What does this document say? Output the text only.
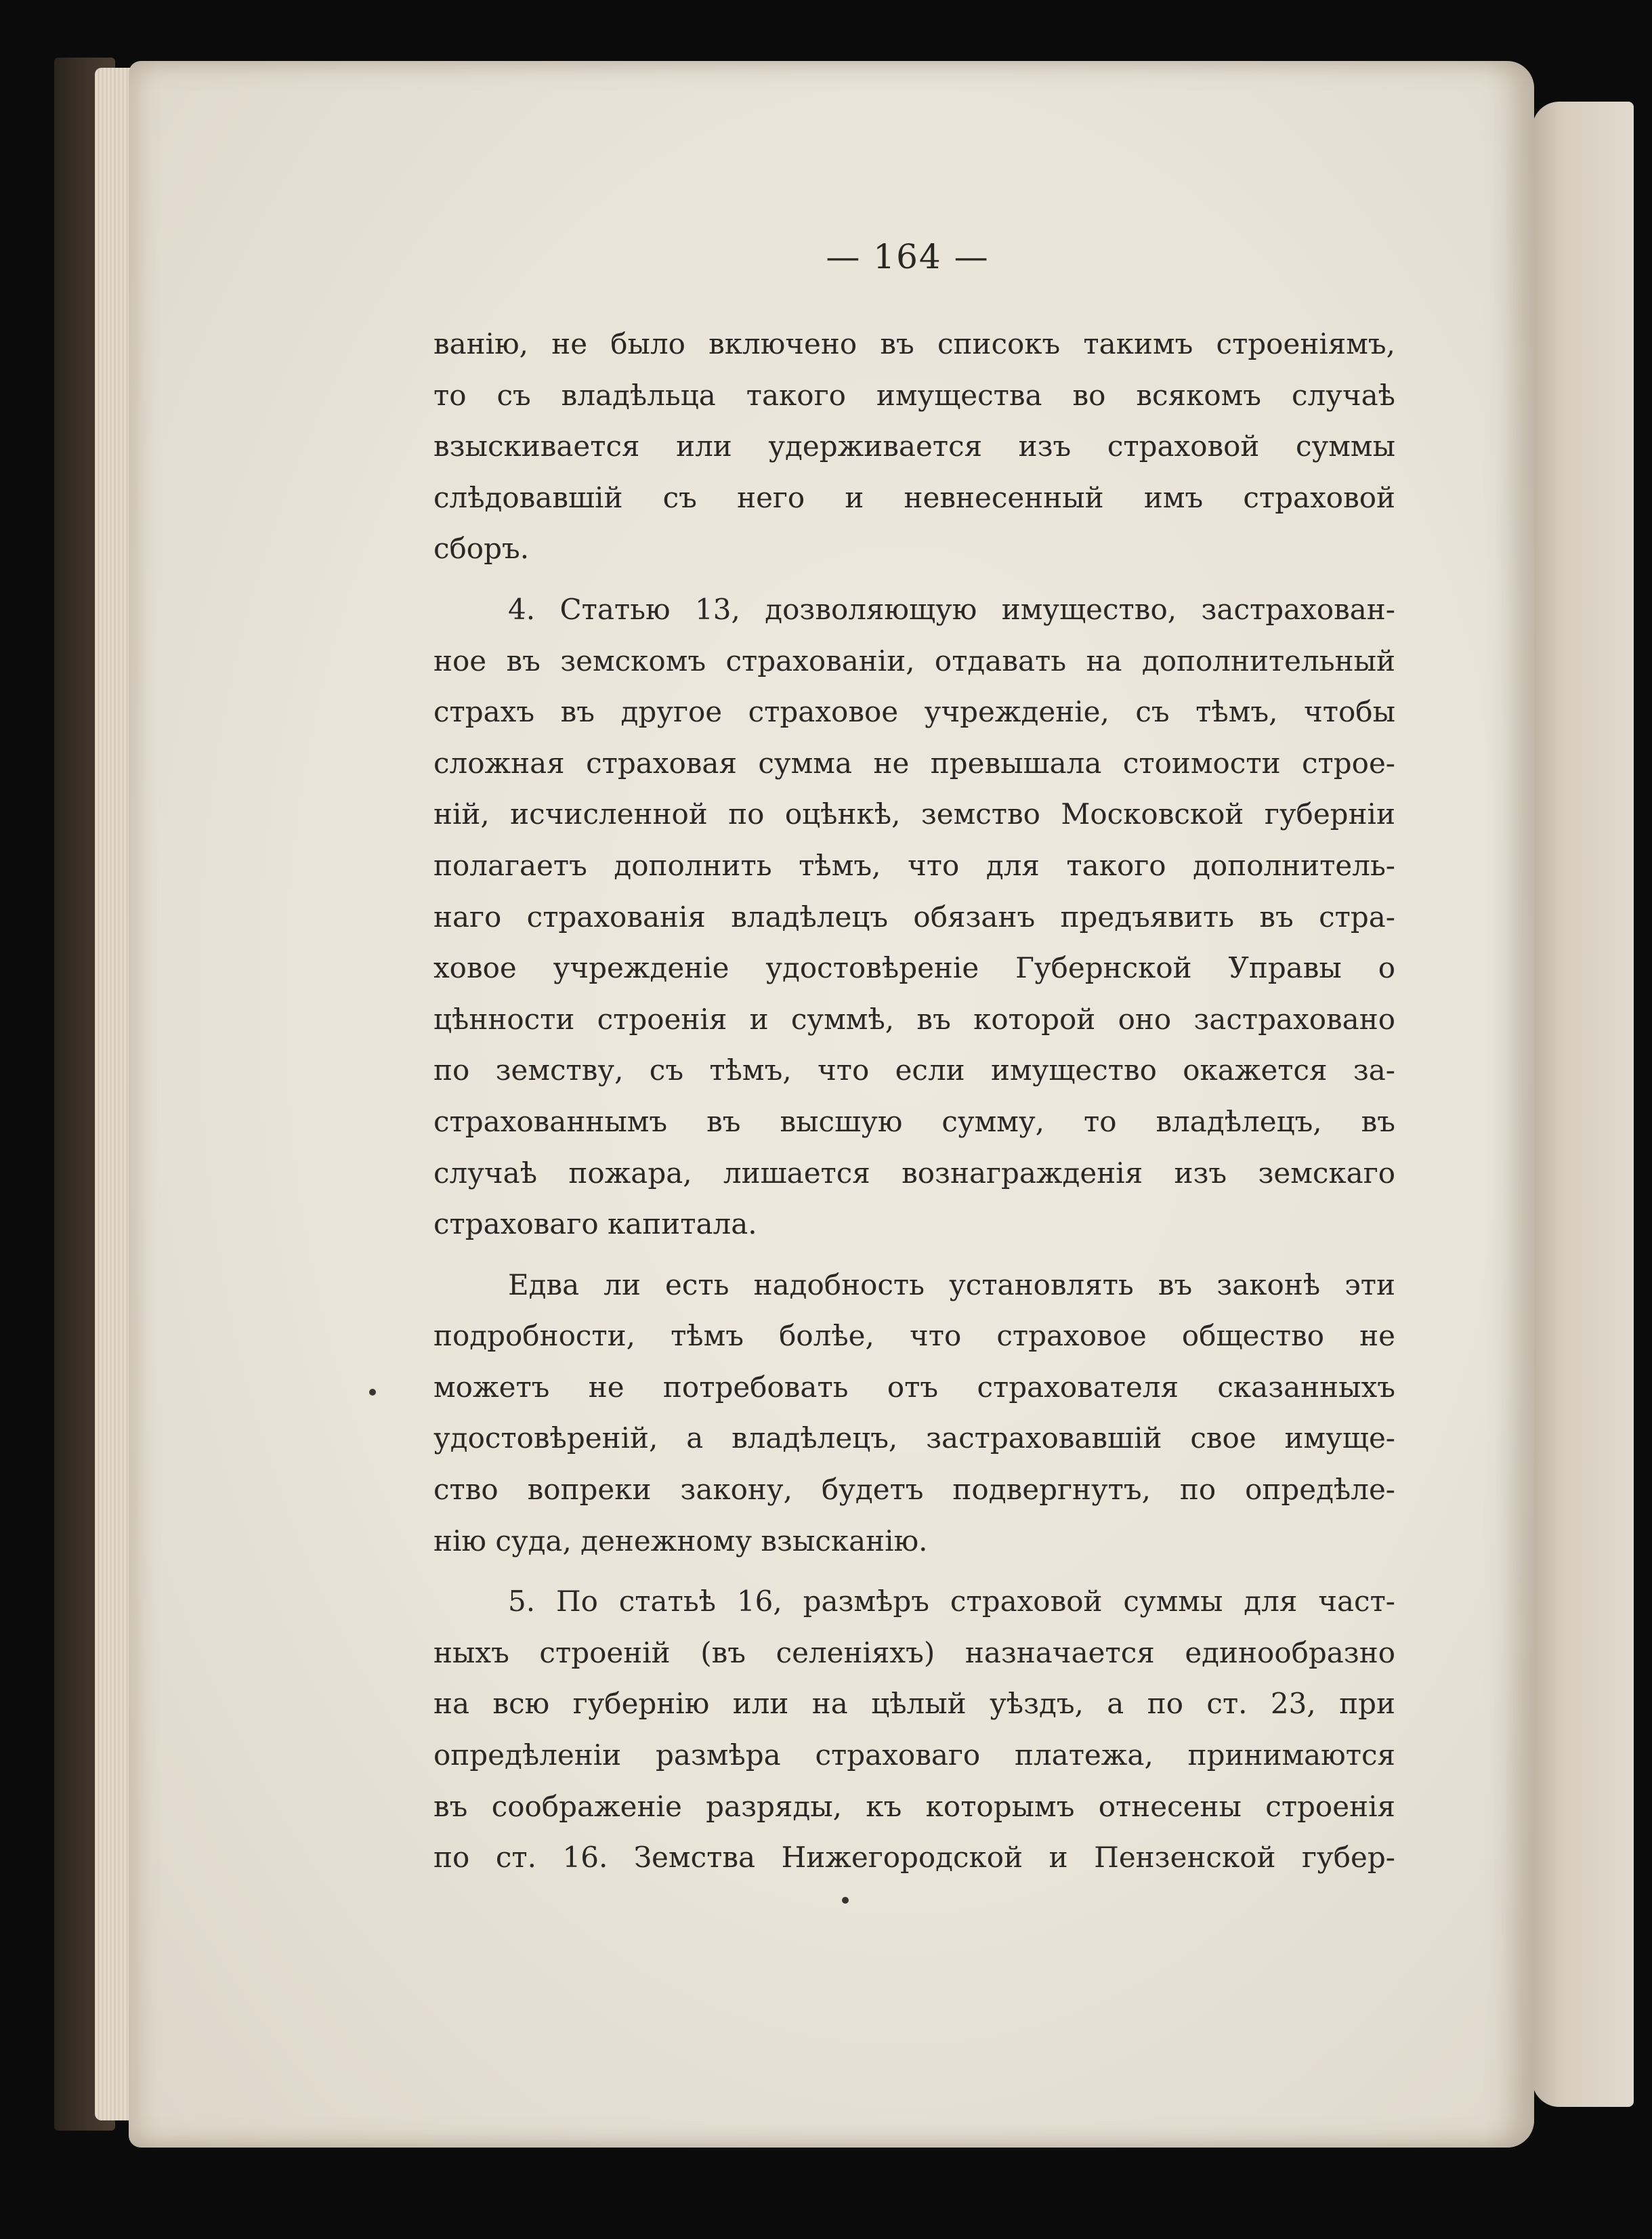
— 164 —
ванію, не было включено въ списокъ такимъ строеніямъ,
то съ владѣльца такого имущества во всякомъ случаѣ
взыскивается или удерживается изъ страховой суммы
слѣдовавшій съ него и невнесенный имъ страховой
сборъ.
4. Статью 13, дозволяющую имущество, застрахован-
ное въ земскомъ страхованіи, отдавать на дополнительный
страхъ въ другое страховое учрежденіе, съ тѣмъ, чтобы
сложная страховая сумма не превышала стоимости строе-
ній, исчисленной по оцѣнкѣ, земство Московской губерніи
полагаетъ дополнить тѣмъ, что для такого дополнитель-
наго страхованія владѣлецъ обязанъ предъявить въ стра-
ховое учрежденіе удостовѣреніе Губернской Управы о
цѣнности строенія и суммѣ, въ которой оно застраховано
по земству, съ тѣмъ, что если имущество окажется за-
страхованнымъ въ высшую сумму, то владѣлецъ, въ
случаѣ пожара, лишается вознагражденія изъ земскаго
страховаго капитала.
Едва ли есть надобность установлять въ законѣ эти
подробности, тѣмъ болѣе, что страховое общество не
можетъ не потребовать отъ страхователя сказанныхъ
удостовѣреній, а владѣлецъ, застраховавшій свое имуще-
ство вопреки закону, будетъ подвергнутъ, по опредѣле-
нію суда, денежному взысканію.
5. По статьѣ 16, размѣръ страховой суммы для част-
ныхъ строеній (въ селеніяхъ) назначается единообразно
на всю губернію или на цѣлый уѣздъ, а по ст. 23, при
опредѣленіи размѣра страховаго платежа, принимаются
въ соображеніе разряды, къ которымъ отнесены строенія
по ст. 16. Земства Нижегородской и Пензенской губер-
